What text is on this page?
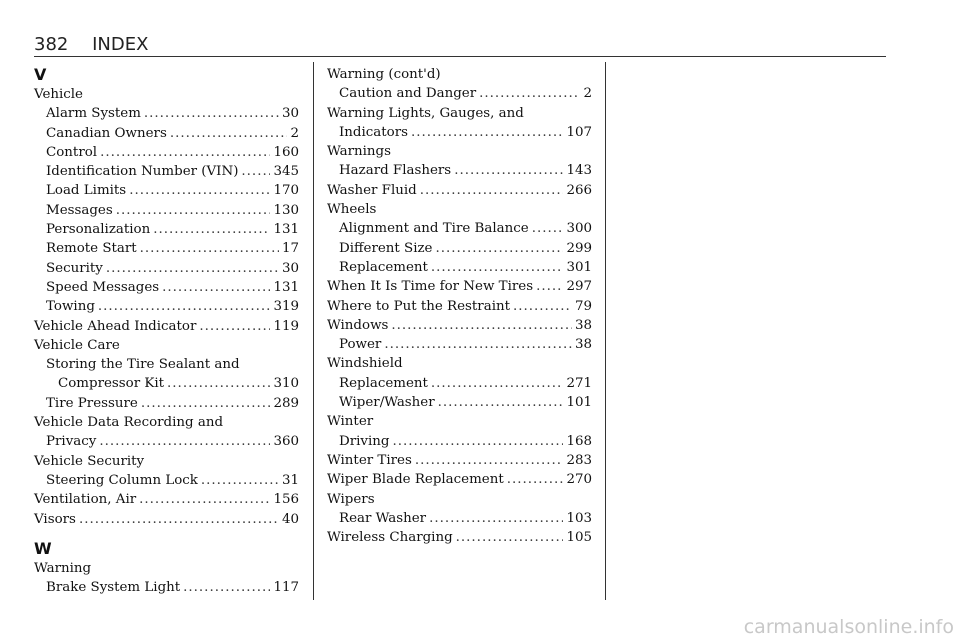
382 INDEX
V
Vehicle
Alarm System .....	30
Canadian Owners .....	2
Control .....	160
Identification Number (VIN) .....	345
Load Limits .....	170
Messages .....	130
Personalization .....	131
Remote Start .....	17
Security .....	30
Speed Messages .....	131
Towing .....	319
Vehicle Ahead Indicator .....	119
Vehicle Care
Storing the Tire Sealant and
Compressor Kit .....	310
Tire Pressure .....	289
Vehicle Data Recording and
Privacy .....	360
Vehicle Security
Steering Column Lock .....	31
Ventilation, Air .....	156
Visors .....	40
W
Warning
Brake System Light .....	117
Warning (cont'd)
Caution and Danger .....	2
Warning Lights, Gauges, and
Indicators .....	107
Warnings
Hazard Flashers .....	143
Washer Fluid .....	266
Wheels
Alignment and Tire Balance .....	300
Different Size .....	299
Replacement .....	301
When It Is Time for New Tires ..... 297
Where to Put the Restraint .....	79
Windows .....	38
Power .....	38
Windshield
Replacement .....	271
Wiper/Washer .....	101
Winter
Driving .....	168
Winter Tires .....	283
Wiper Blade Replacement .....	270
Wipers
Rear Washer .....	103
Wireless Charging .....	105
carmanualsonline.info
